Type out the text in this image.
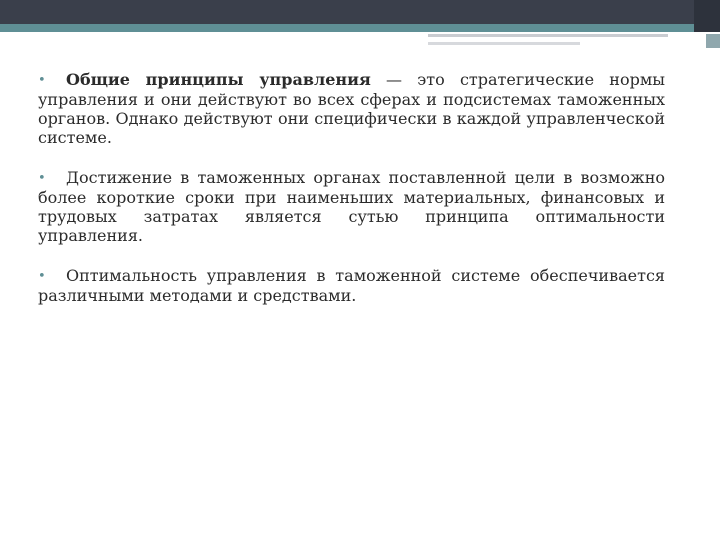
• Общие принципы управления — это стратегические нормы управления и они действуют во всех сферах и подсистемах таможенных органов. Однако действуют они специфически в каждой управленческой системе.

• Достижение в таможенных органах поставленной цели в возможно более короткие сроки при наименьших материальных, финансовых и трудовых затратах является сутью принципа оптимальности управления.

• Оптимальность управления в таможенной системе обеспечивается различными методами и средствами.
